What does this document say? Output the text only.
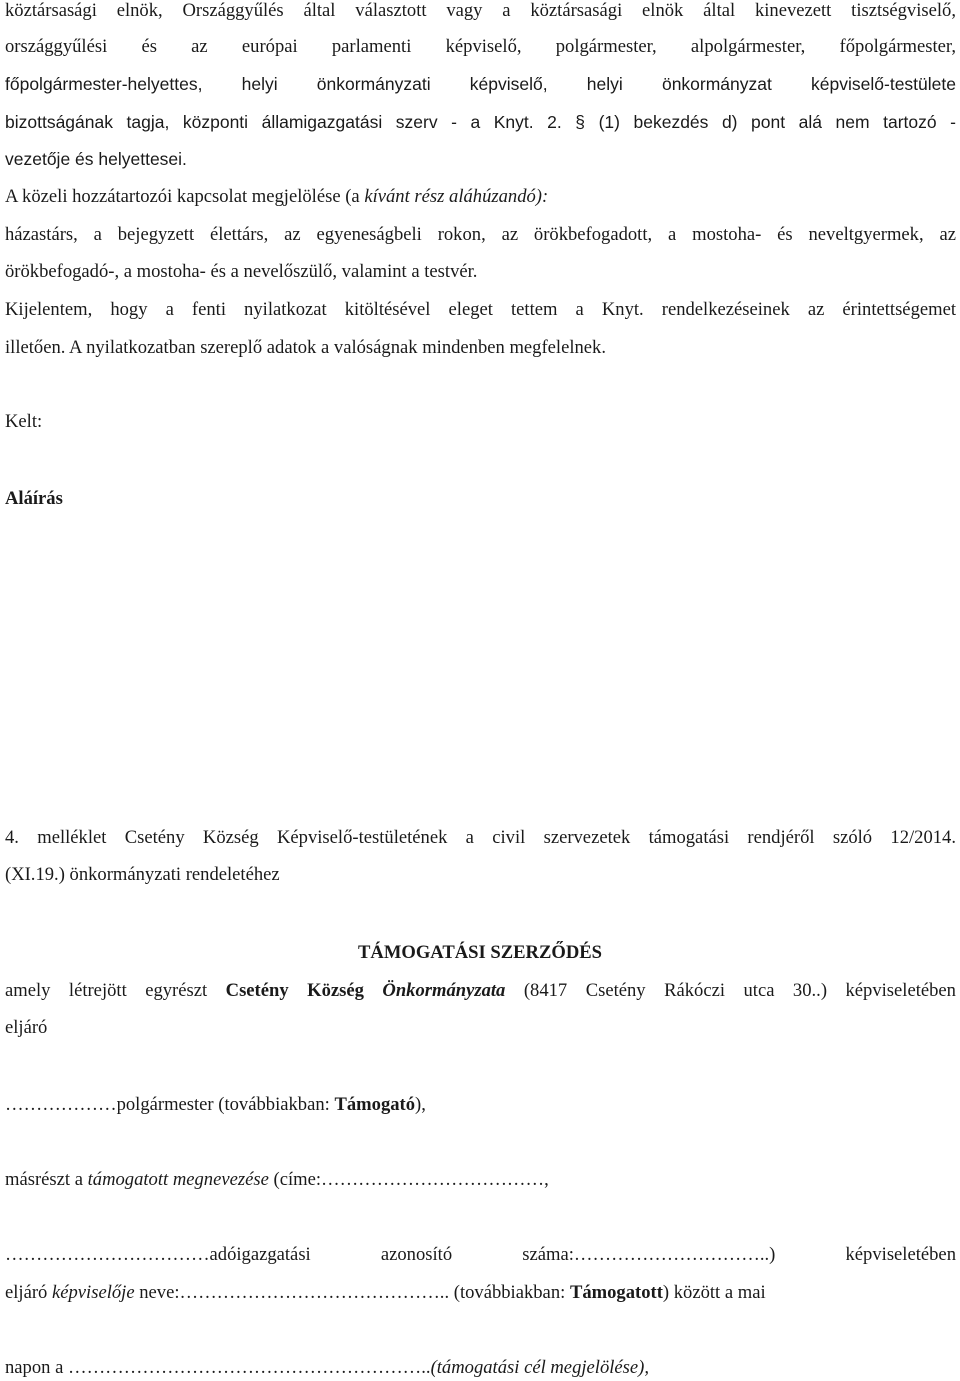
köztársasági elnök, Országgyűlés által választott vagy a köztársasági elnök által kinevezett tisztségviselő,
országgyűlési és az európai parlamenti képviselő, polgármester, alpolgármester, főpolgármester,
főpolgármester-helyettes, helyi önkormányzati képviselő, helyi önkormányzat képviselő-testülete
bizottságának tagja, központi államigazgatási szerv - a Knyt. 2. § (1) bekezdés d) pont alá nem tartozó -
vezetője és helyettesei.
A közeli hozzátartozói kapcsolat megjelölése (a kívánt rész aláhúzandó):
házastárs, a bejegyzett élettárs, az egyeneságbeli rokon, az örökbefogadott, a mostoha- és neveltgyermek, az
örökbefogadó-, a mostoha- és a nevelőszülő, valamint a testvér.
Kijelentem, hogy a fenti nyilatkozat kitöltésével eleget tettem a Knyt. rendelkezéseinek az érintettségemet
illetően. A nyilatkozatban szereplő adatok a valóságnak mindenben megfelelnek.
Kelt:
Aláírás
4. melléklet Csetény Község Képviselő-testületének a civil szervezetek támogatási rendjéről szóló 12/2014.
(XI.19.) önkormányzati rendeletéhez
TÁMOGATÁSI SZERZŐDÉS
amely létrejött egyrészt Csetény Község Önkormányzata (8417 Csetény Rákóczi utca 30..) képviseletében
eljáró
………………polgármester (továbbiakban: Támogató),
másrészt a támogatott megnevezése (címe:………………………………,
……………………………adóigazgatási azonosító száma:…………………………..) képviseletében
eljáró képviselője neve:…………………………………….. (továbbiakban: Támogatott) között a mai
napon a …………………………………………………..(támogatási cél megjelölése),
